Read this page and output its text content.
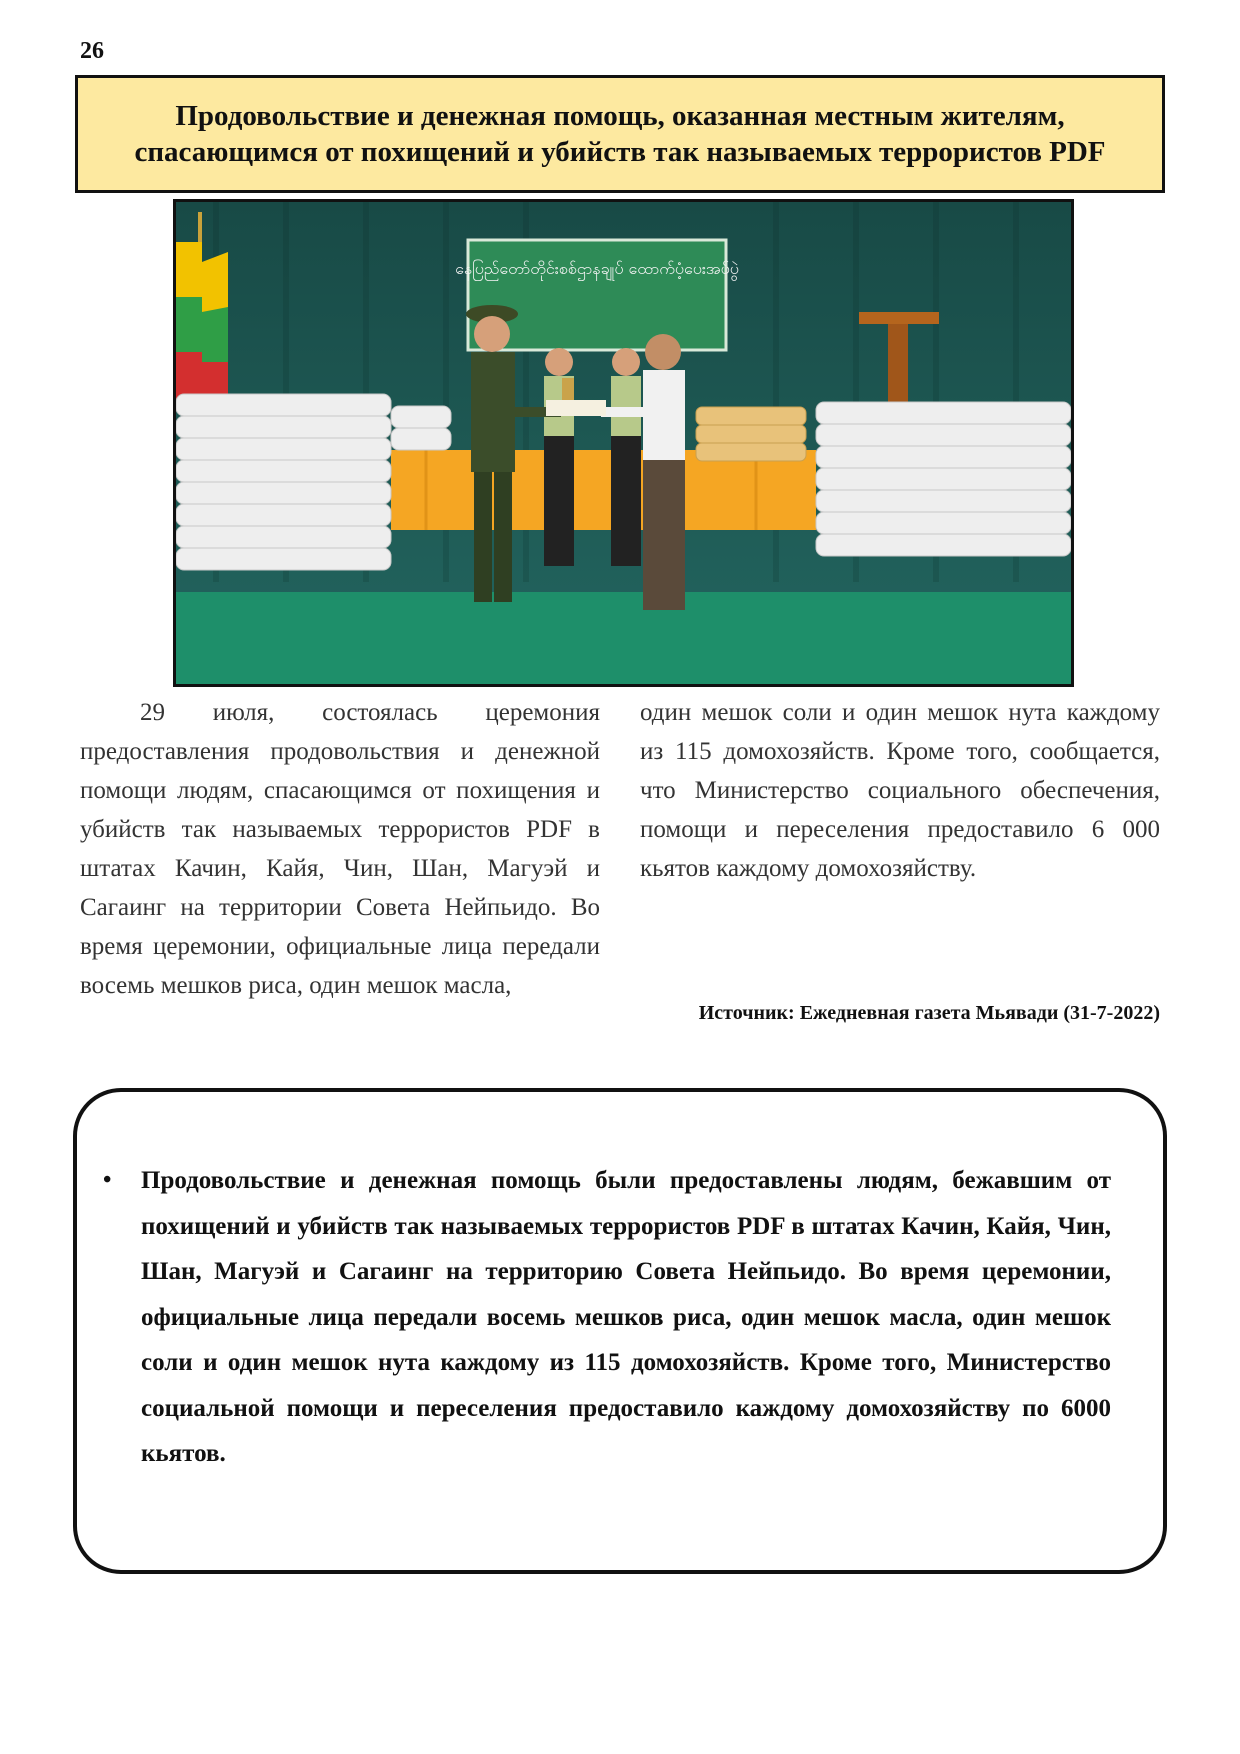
26
Продовольствие и денежная помощь, оказанная местным жителям,
спасающимся от похищений и убийств так называемых террористов PDF
နေပြည်တော်တိုင်းစစ်ဌာနချုပ် ထောက်ပံ့ပေးအပ်ပွဲ

29 июля, состоялась церемония предоставления продовольствия и денежной помощи людям, спасающимся от похищения и убийств так называемых террористов PDF в штатах Качин, Кайя, Чин, Шан, Магуэй и Сагаинг на территории Совета Нейпьидо. Во время церемонии, официальные лица передали восемь мешков риса, один мешок масла,

один мешок соли и один мешок нута каждому из 115 домохозяйств. Кроме того, сообщается, что Министерство социального обеспечения, помощи и переселения предоставило 6 000 кьятов каждому домохозяйству.

Источник: Ежедневная газета Мьявади (31-7-2022)
• Продовольствие и денежная помощь были предоставлены людям, бежавшим от похищений и убийств так называемых террористов PDF в штатах Качин, Кайя, Чин, Шан, Магуэй и Сагаинг на территорию Совета Нейпьидо. Во время церемонии, официальные лица передали восемь мешков риса, один мешок масла, один мешок соли и один мешок нута каждому из 115 домохозяйств. Кроме того, Министерство социальной помощи и переселения предоставило каждому домохозяйству по 6000 кьятов.
